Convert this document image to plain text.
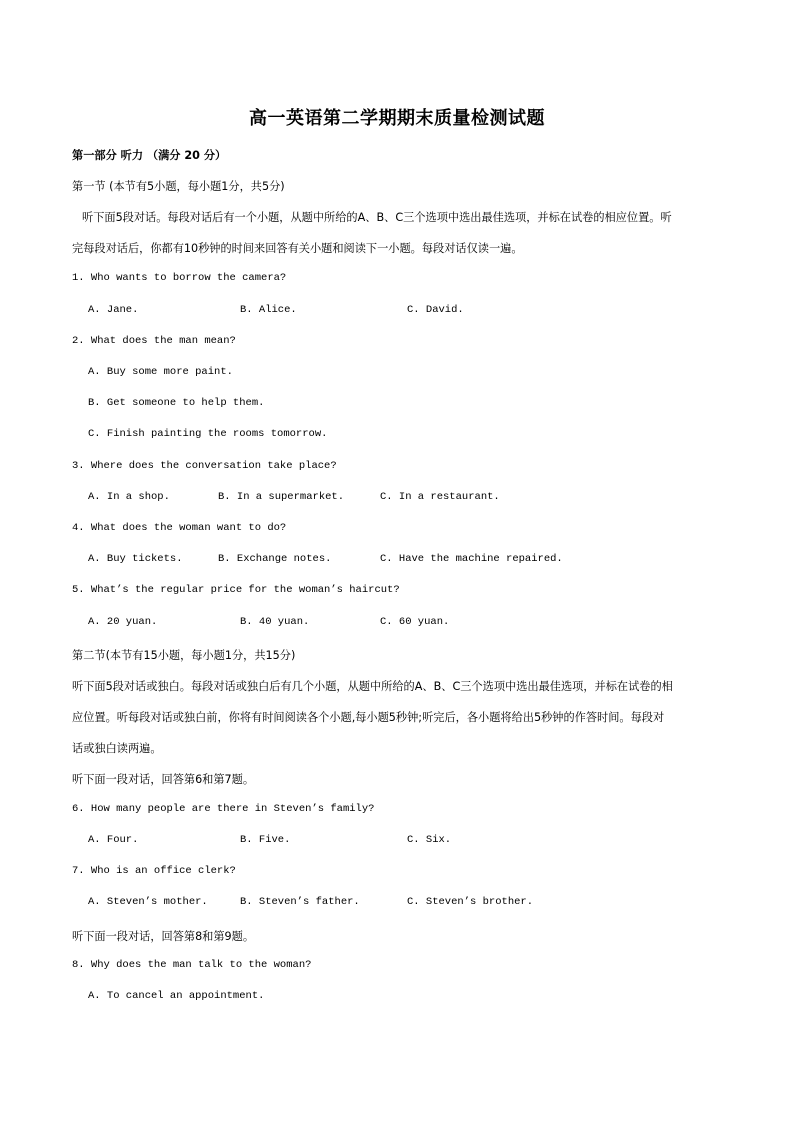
高一英语第二学期期末质量检测试题
第一部分 听力 （满分 20 分）
第一节 (本节有5小题，每小题1分，共5分)
听下面5段对话。每段对话后有一个小题，从题中所给的A、B、C三个选项中选出最佳选项，并标在试卷的相应位置。听
完每段对话后，你都有10秒钟的时间来回答有关小题和阅读下一小题。每段对话仅读一遍。
1. Who wants to borrow the camera?
A. Jane.	B. Alice.	C. David.
2. What does the man mean?
A. Buy some more paint.
B. Get someone to help them.
C. Finish painting the rooms tomorrow.
3. Where does the conversation take place?
A. In a shop.	B. In a supermarket.	C. In a restaurant.
4. What does the woman want to do?
A. Buy tickets.	B. Exchange notes.	C. Have the machine repaired.
5. What’s the regular price for the woman’s haircut?
A. 20 yuan.	B. 40 yuan.	C. 60 yuan.
第二节(本节有15小题，每小题1分，共15分)
听下面5段对话或独白。每段对话或独白后有几个小题，从题中所给的A、B、C三个选项中选出最佳选项，并标在试卷的相
应位置。听每段对话或独白前，你将有时间阅读各个小题,每小题5秒钟;听完后，各小题将给出5秒钟的作答时间。每段对
话或独白读两遍。
听下面一段对话，回答第6和第7题。
6. How many people are there in Steven’s family?
A. Four.	B. Five.	C. Six.
7. Who is an office clerk?
A. Steven’s mother.	B. Steven’s father.	C. Steven’s brother.
听下面一段对话，回答第8和第9题。
8. Why does the man talk to the woman?
A. To cancel an appointment.
